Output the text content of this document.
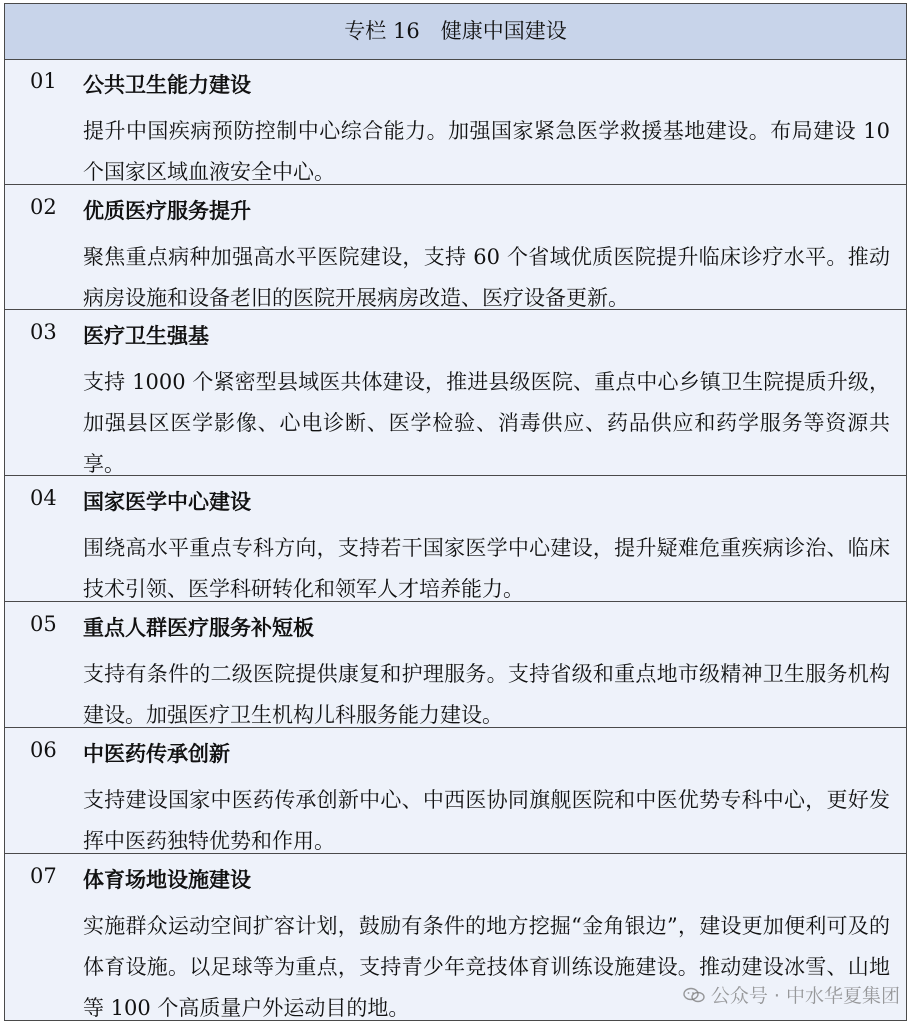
专栏 16　健康中国建设
01 公共卫生能力建设
提升中国疾病预防控制中心综合能力。加强国家紧急医学救援基地建设。布局建设 10 个国家区域血液安全中心。
02 优质医疗服务提升
聚焦重点病种加强高水平医院建设，支持 60 个省域优质医院提升临床诊疗水平。推动病房设施和设备老旧的医院开展病房改造、医疗设备更新。
03 医疗卫生强基
支持 1000 个紧密型县域医共体建设，推进县级医院、重点中心乡镇卫生院提质升级，加强县区医学影像、心电诊断、医学检验、消毒供应、药品供应和药学服务等资源共享。
04 国家医学中心建设
围绕高水平重点专科方向，支持若干国家医学中心建设，提升疑难危重疾病诊治、临床技术引领、医学科研转化和领军人才培养能力。
05 重点人群医疗服务补短板
支持有条件的二级医院提供康复和护理服务。支持省级和重点地市级精神卫生服务机构建设。加强医疗卫生机构儿科服务能力建设。
06 中医药传承创新
支持建设国家中医药传承创新中心、中西医协同旗舰医院和中医优势专科中心，更好发挥中医药独特优势和作用。
07 体育场地设施建设
实施群众运动空间扩容计划，鼓励有条件的地方挖掘“金角银边”，建设更加便利可及的体育设施。以足球等为重点，支持青少年竞技体育训练设施建设。推动建设冰雪、山地等 100 个高质量户外运动目的地。	公众号 · 中水华夏集团
